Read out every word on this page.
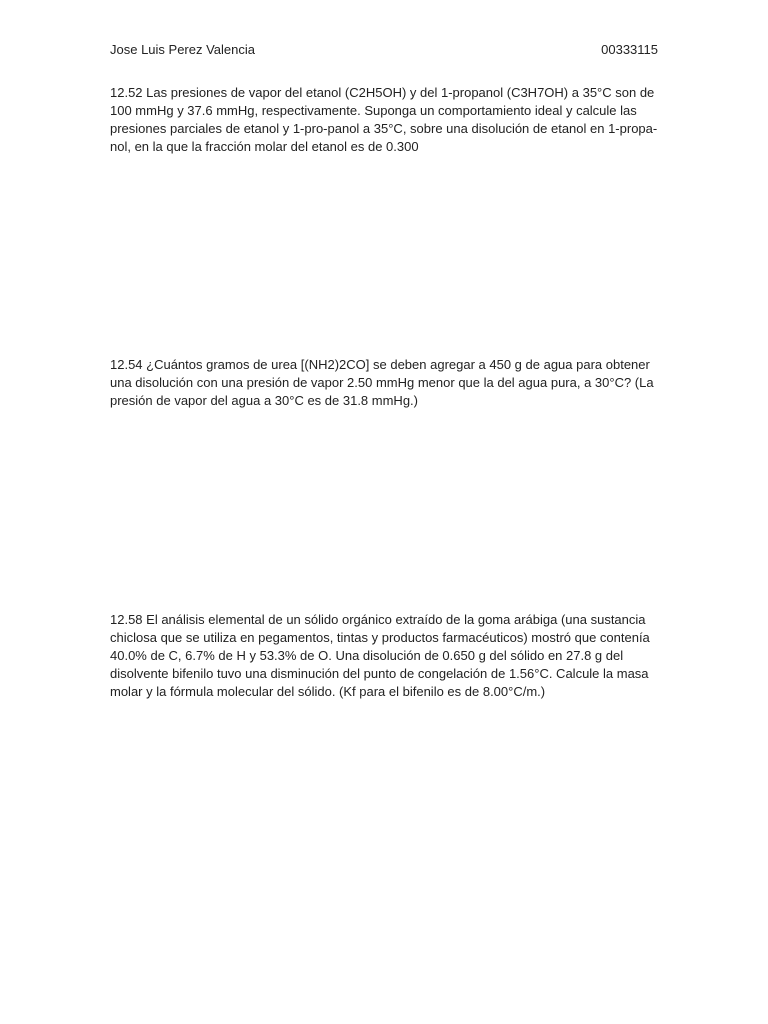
Jose Luis Perez Valencia	00333115

12.52 Las presiones de vapor del etanol (C2H5OH) y del 1-propanol (C3H7OH) a 35°C son de 100 mmHg y 37.6 mmHg, respectivamente. Suponga un comportamiento ideal y calcule las presiones parciales de etanol y 1-pro-panol a 35°C, sobre una disolución de etanol en 1-propa-nol, en la que la fracción molar del etanol es de 0.300

12.54 ¿Cuántos gramos de urea [(NH2)2CO] se deben agregar a 450 g de agua para obtener una disolución con una presión de vapor 2.50 mmHg menor que la del agua pura, a 30°C? (La presión de vapor del agua a 30°C es de 31.8 mmHg.)

12.58 El análisis elemental de un sólido orgánico extraído de la goma arábiga (una sustancia chiclosa que se utiliza en pegamentos, tintas y productos farmacéuticos) mostró que contenía 40.0% de C, 6.7% de H y 53.3% de O. Una disolución de 0.650 g del sólido en 27.8 g del disolvente bifenilo tuvo una disminución del punto de congelación de 1.56°C. Calcule la masa molar y la fórmula molecular del sólido. (Kf para el bifenilo es de 8.00°C/m.)
